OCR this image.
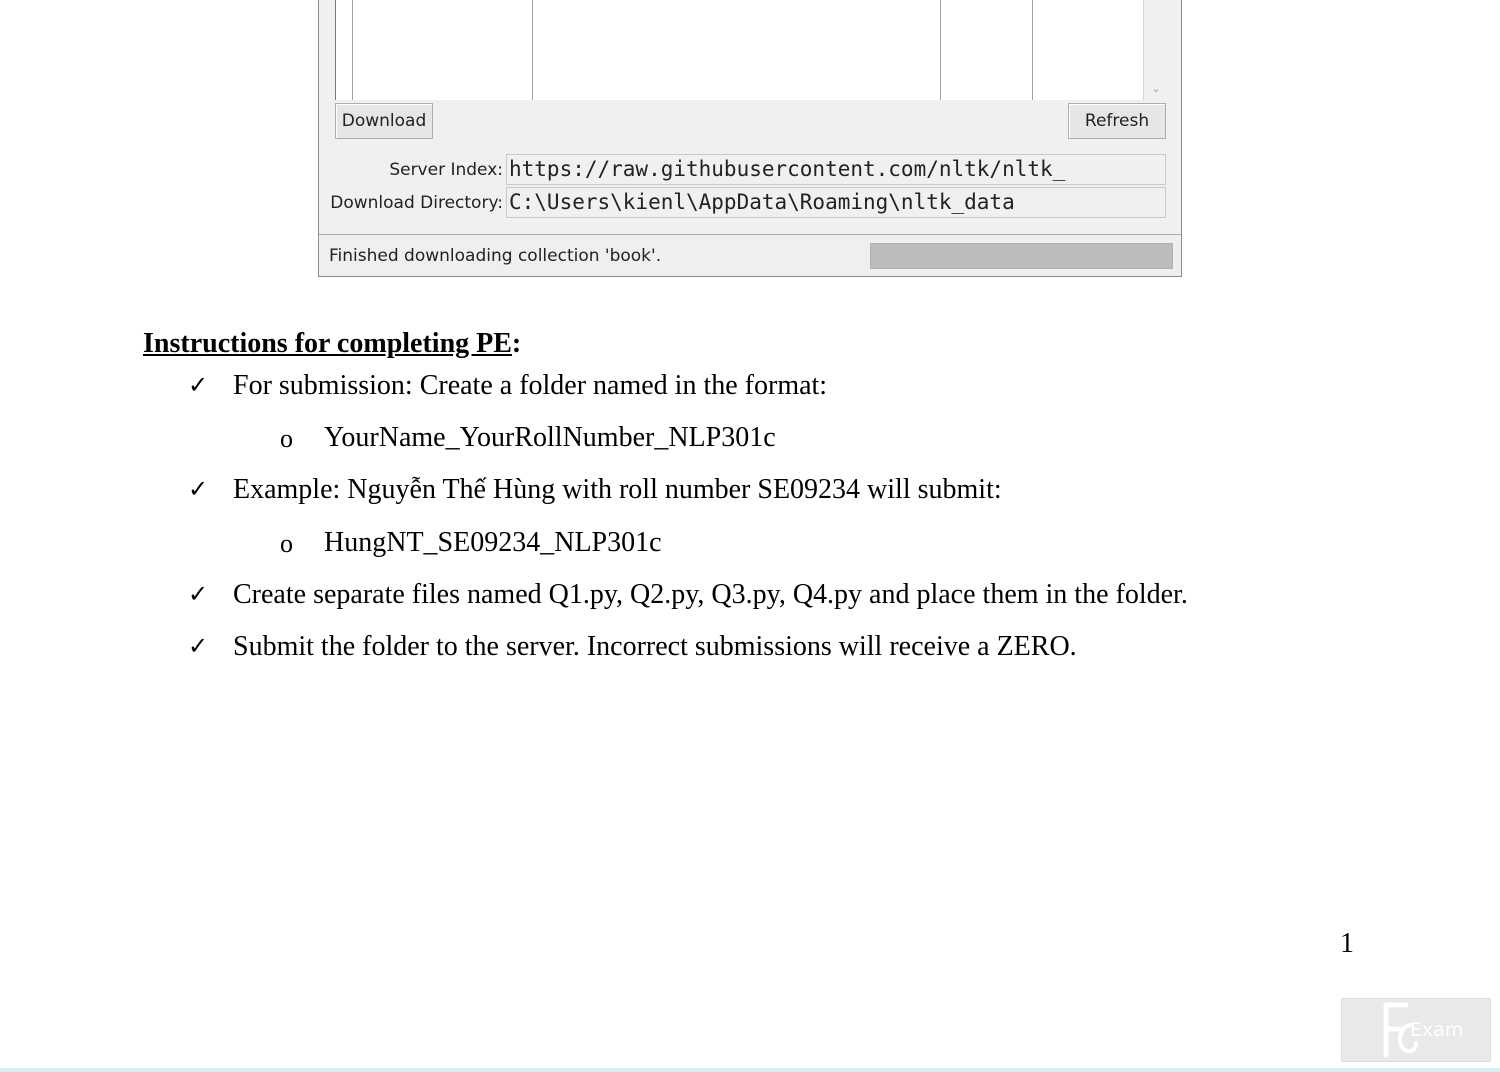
⌄
Download	Refresh
Server Index: https://raw.githubusercontent.com/nltk/nltk_
Download Directory: C:\Users\kienl\AppData\Roaming\nltk_data
Finished downloading collection 'book'.
Instructions for completing PE:
✓ For submission: Create a folder named in the format:
o YourName_YourRollNumber_NLP301c
✓ Example: Nguyễn Thế Hùng with roll number SE09234 will submit:
o HungNT_SE09234_NLP301c
✓ Create separate files named Q1.py, Q2.py, Q3.py, Q4.py and place them in the folder.
✓ Submit the folder to the server. Incorrect submissions will receive a ZERO.
1
Exam
